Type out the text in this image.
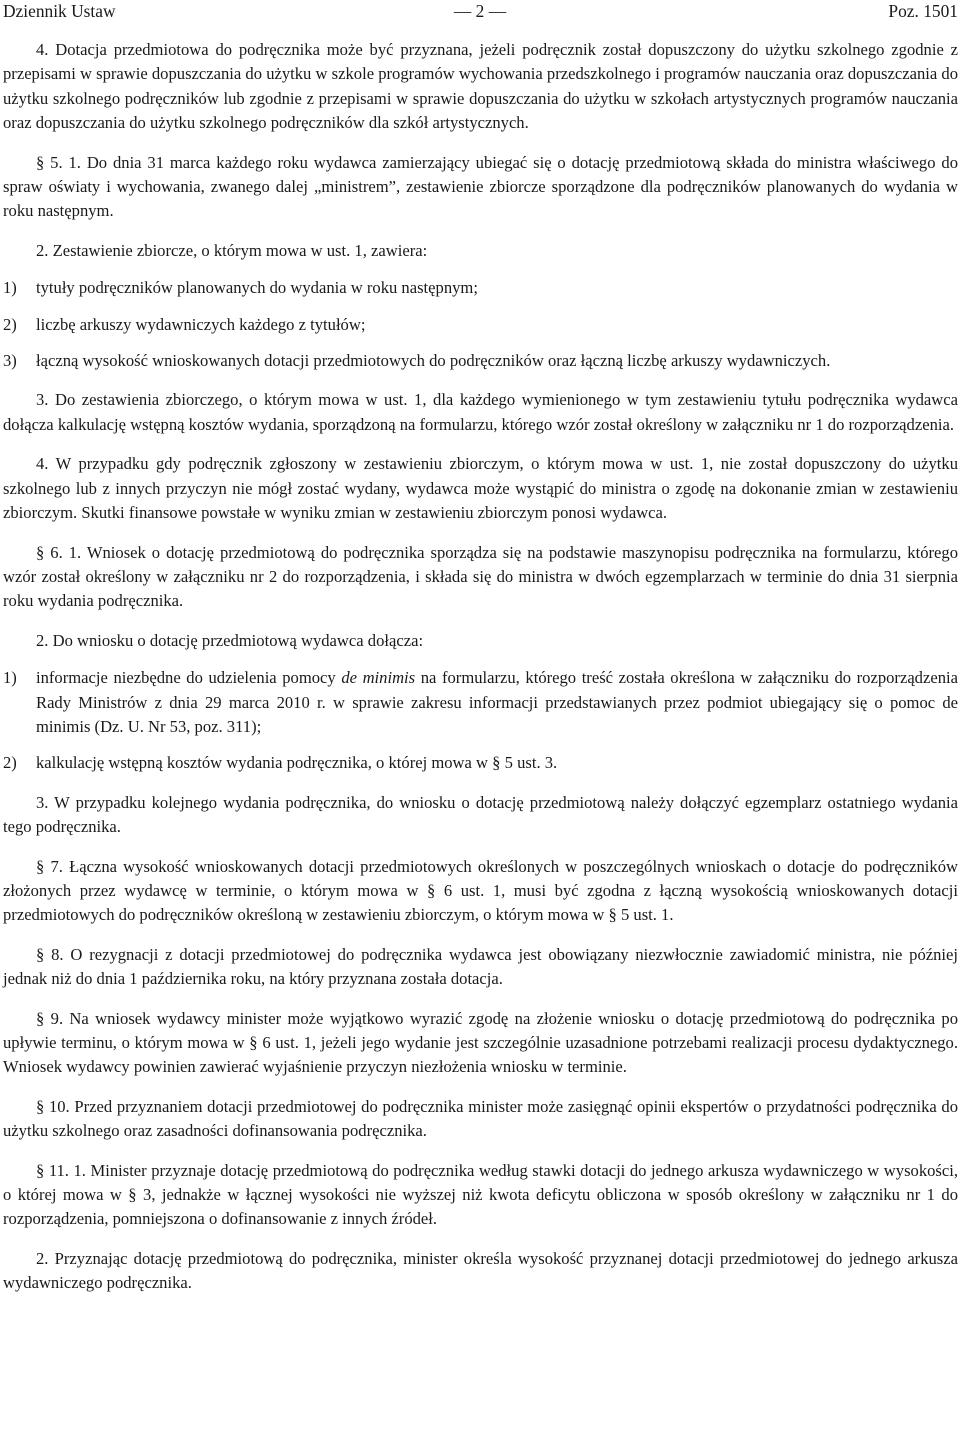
Dziennik Ustaw	— 2 —	Poz. 1501

4. Dotacja przedmiotowa do podręcznika może być przyznana, jeżeli podręcznik został dopuszczony do użytku szkolnego zgodnie z przepisami w sprawie dopuszczania do użytku w szkole programów wychowania przedszkolnego i programów nauczania oraz dopuszczania do użytku szkolnego podręczników lub zgodnie z przepisami w sprawie dopuszczania do użytku w szkołach artystycznych programów nauczania oraz dopuszczania do użytku szkolnego podręczników dla szkół artystycznych.

§ 5. 1. Do dnia 31 marca każdego roku wydawca zamierzający ubiegać się o dotację przedmiotową składa do ministra właściwego do spraw oświaty i wychowania, zwanego dalej „ministrem”, zestawienie zbiorcze sporządzone dla podręczników planowanych do wydania w roku następnym.

2. Zestawienie zbiorcze, o którym mowa w ust. 1, zawiera:

1) tytuły podręczników planowanych do wydania w roku następnym;
2) liczbę arkuszy wydawniczych każdego z tytułów;
3) łączną wysokość wnioskowanych dotacji przedmiotowych do podręczników oraz łączną liczbę arkuszy wydawniczych.

3. Do zestawienia zbiorczego, o którym mowa w ust. 1, dla każdego wymienionego w tym zestawieniu tytułu podręcznika wydawca dołącza kalkulację wstępną kosztów wydania, sporządzoną na formularzu, którego wzór został określony w załączniku nr 1 do rozporządzenia.

4. W przypadku gdy podręcznik zgłoszony w zestawieniu zbiorczym, o którym mowa w ust. 1, nie został dopuszczony do użytku szkolnego lub z innych przyczyn nie mógł zostać wydany, wydawca może wystąpić do ministra o zgodę na dokonanie zmian w zestawieniu zbiorczym. Skutki finansowe powstałe w wyniku zmian w zestawieniu zbiorczym ponosi wydawca.

§ 6. 1. Wniosek o dotację przedmiotową do podręcznika sporządza się na podstawie maszynopisu podręcznika na formularzu, którego wzór został określony w załączniku nr 2 do rozporządzenia, i składa się do ministra w dwóch egzemplarzach w terminie do dnia 31 sierpnia roku wydania podręcznika.

2. Do wniosku o dotację przedmiotową wydawca dołącza:

1) informacje niezbędne do udzielenia pomocy de minimis na formularzu, którego treść została określona w załączniku do rozporządzenia Rady Ministrów z dnia 29 marca 2010 r. w sprawie zakresu informacji przedstawianych przez podmiot ubiegający się o pomoc de minimis (Dz. U. Nr 53, poz. 311);
2) kalkulację wstępną kosztów wydania podręcznika, o której mowa w § 5 ust. 3.

3. W przypadku kolejnego wydania podręcznika, do wniosku o dotację przedmiotową należy dołączyć egzemplarz ostatniego wydania tego podręcznika.

§ 7. Łączna wysokość wnioskowanych dotacji przedmiotowych określonych w poszczególnych wnioskach o dotacje do podręczników złożonych przez wydawcę w terminie, o którym mowa w § 6 ust. 1, musi być zgodna z łączną wysokością wnioskowanych dotacji przedmiotowych do podręczników określoną w zestawieniu zbiorczym, o którym mowa w § 5 ust. 1.

§ 8. O rezygnacji z dotacji przedmiotowej do podręcznika wydawca jest obowiązany niezwłocznie zawiadomić ministra, nie później jednak niż do dnia 1 października roku, na który przyznana została dotacja.

§ 9. Na wniosek wydawcy minister może wyjątkowo wyrazić zgodę na złożenie wniosku o dotację przedmiotową do podręcznika po upływie terminu, o którym mowa w § 6 ust. 1, jeżeli jego wydanie jest szczególnie uzasadnione potrzebami realizacji procesu dydaktycznego. Wniosek wydawcy powinien zawierać wyjaśnienie przyczyn niezłożenia wniosku w terminie.

§ 10. Przed przyznaniem dotacji przedmiotowej do podręcznika minister może zasięgnąć opinii ekspertów o przydatności podręcznika do użytku szkolnego oraz zasadności dofinansowania podręcznika.

§ 11. 1. Minister przyznaje dotację przedmiotową do podręcznika według stawki dotacji do jednego arkusza wydawniczego w wysokości, o której mowa w § 3, jednakże w łącznej wysokości nie wyższej niż kwota deficytu obliczona w sposób określony w załączniku nr 1 do rozporządzenia, pomniejszona o dofinansowanie z innych źródeł.

2. Przyznając dotację przedmiotową do podręcznika, minister określa wysokość przyznanej dotacji przedmiotowej do jednego arkusza wydawniczego podręcznika.
